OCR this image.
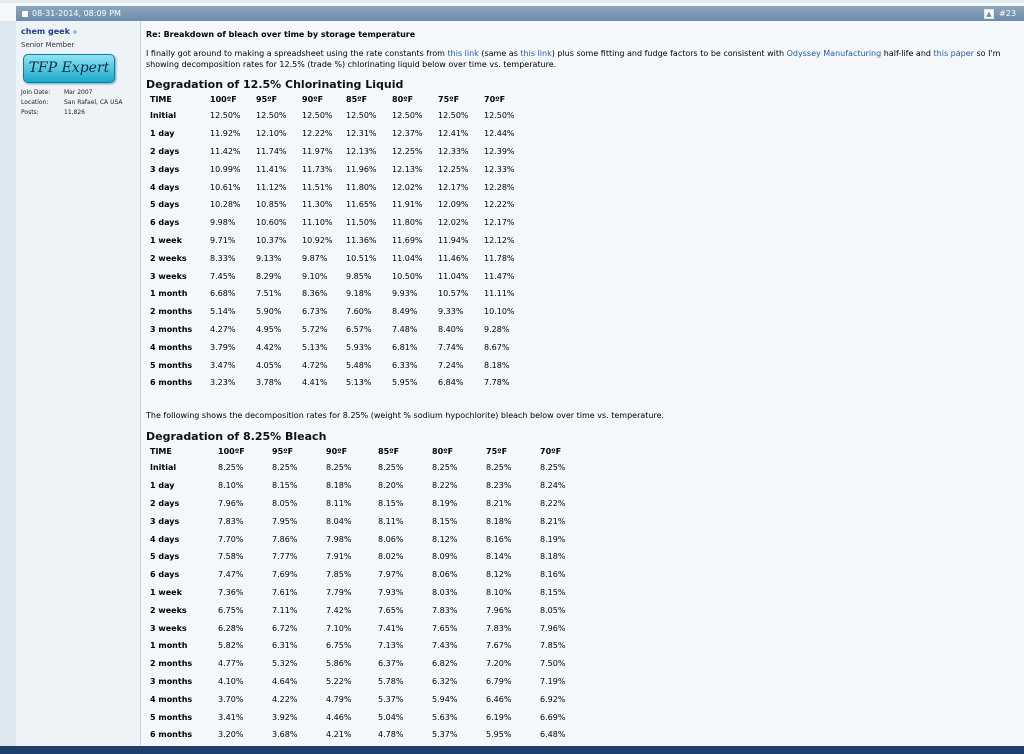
08-31-2014, 08:09 PM	▲ #23
chem geek
Senior Member
TFP Expert
Join Date: Mar 2007
Location:	San Rafael, CA USA
Posts:	11,826
Re: Breakdown of bleach over time by storage temperature
I finally got around to making a spreadsheet using the rate constants from this link (same as this link) plus some fitting and fudge factors to be consistent with Odyssey Manufacturing half-life and this paper so I'm showing decomposition rates for 12.5% (trade %) chlorinating liquid below over time vs. temperature.
Degradation of 12.5% Chlorinating Liquid
TIME	100ºF	95ºF	90ºF	85ºF	80ºF	75ºF	70ºF
Initial	12.50%	12.50%	12.50%	12.50%	12.50%	12.50%	12.50%
1 day	11.92%	12.10%	12.22%	12.31%	12.37%	12.41%	12.44%
2 days	11.42%	11.74%	11.97%	12.13%	12.25%	12.33%	12.39%
3 days	10.99%	11.41%	11.73%	11.96%	12.13%	12.25%	12.33%
4 days	10.61%	11.12%	11.51%	11.80%	12.02%	12.17%	12.28%
5 days	10.28%	10.85%	11.30%	11.65%	11.91%	12.09%	12.22%
6 days	9.98%	10.60%	11.10%	11.50%	11.80%	12.02%	12.17%
1 week	9.71%	10.37%	10.92%	11.36%	11.69%	11.94%	12.12%
2 weeks	8.33%	9.13%	9.87%	10.51%	11.04%	11.46%	11.78%
3 weeks	7.45%	8.29%	9.10%	9.85%	10.50%	11.04%	11.47%
1 month	6.68%	7.51%	8.36%	9.18%	9.93%	10.57%	11.11%
2 months	5.14%	5.90%	6.73%	7.60%	8.49%	9.33%	10.10%
3 months	4.27%	4.95%	5.72%	6.57%	7.48%	8.40%	9.28%
4 months	3.79%	4.42%	5.13%	5.93%	6.81%	7.74%	8.67%
5 months	3.47%	4.05%	4.72%	5.48%	6.33%	7.24%	8.18%
6 months	3.23%	3.78%	4.41%	5.13%	5.95%	6.84%	7.78%
The following shows the decomposition rates for 8.25% (weight % sodium hypochlorite) bleach below over time vs. temperature.
Degradation of 8.25% Bleach
TIME	100ºF	95ºF	90ºF	85ºF	80ºF	75ºF	70ºF
Initial	8.25%	8.25%	8.25%	8.25%	8.25%	8.25%	8.25%
1 day	8.10%	8.15%	8.18%	8.20%	8.22%	8.23%	8.24%
2 days	7.96%	8.05%	8.11%	8.15%	8.19%	8.21%	8.22%
3 days	7.83%	7.95%	8.04%	8.11%	8.15%	8.18%	8.21%
4 days	7.70%	7.86%	7.98%	8.06%	8.12%	8.16%	8.19%
5 days	7.58%	7.77%	7.91%	8.02%	8.09%	8.14%	8.18%
6 days	7.47%	7.69%	7.85%	7.97%	8.06%	8.12%	8.16%
1 week	7.36%	7.61%	7.79%	7.93%	8.03%	8.10%	8.15%
2 weeks	6.75%	7.11%	7.42%	7.65%	7.83%	7.96%	8.05%
3 weeks	6.28%	6.72%	7.10%	7.41%	7.65%	7.83%	7.96%
1 month	5.82%	6.31%	6.75%	7.13%	7.43%	7.67%	7.85%
2 months	4.77%	5.32%	5.86%	6.37%	6.82%	7.20%	7.50%
3 months	4.10%	4.64%	5.22%	5.78%	6.32%	6.79%	7.19%
4 months	3.70%	4.22%	4.79%	5.37%	5.94%	6.46%	6.92%
5 months	3.41%	3.92%	4.46%	5.04%	5.63%	6.19%	6.69%
6 months	3.20%	3.68%	4.21%	4.78%	5.37%	5.95%	6.48%
